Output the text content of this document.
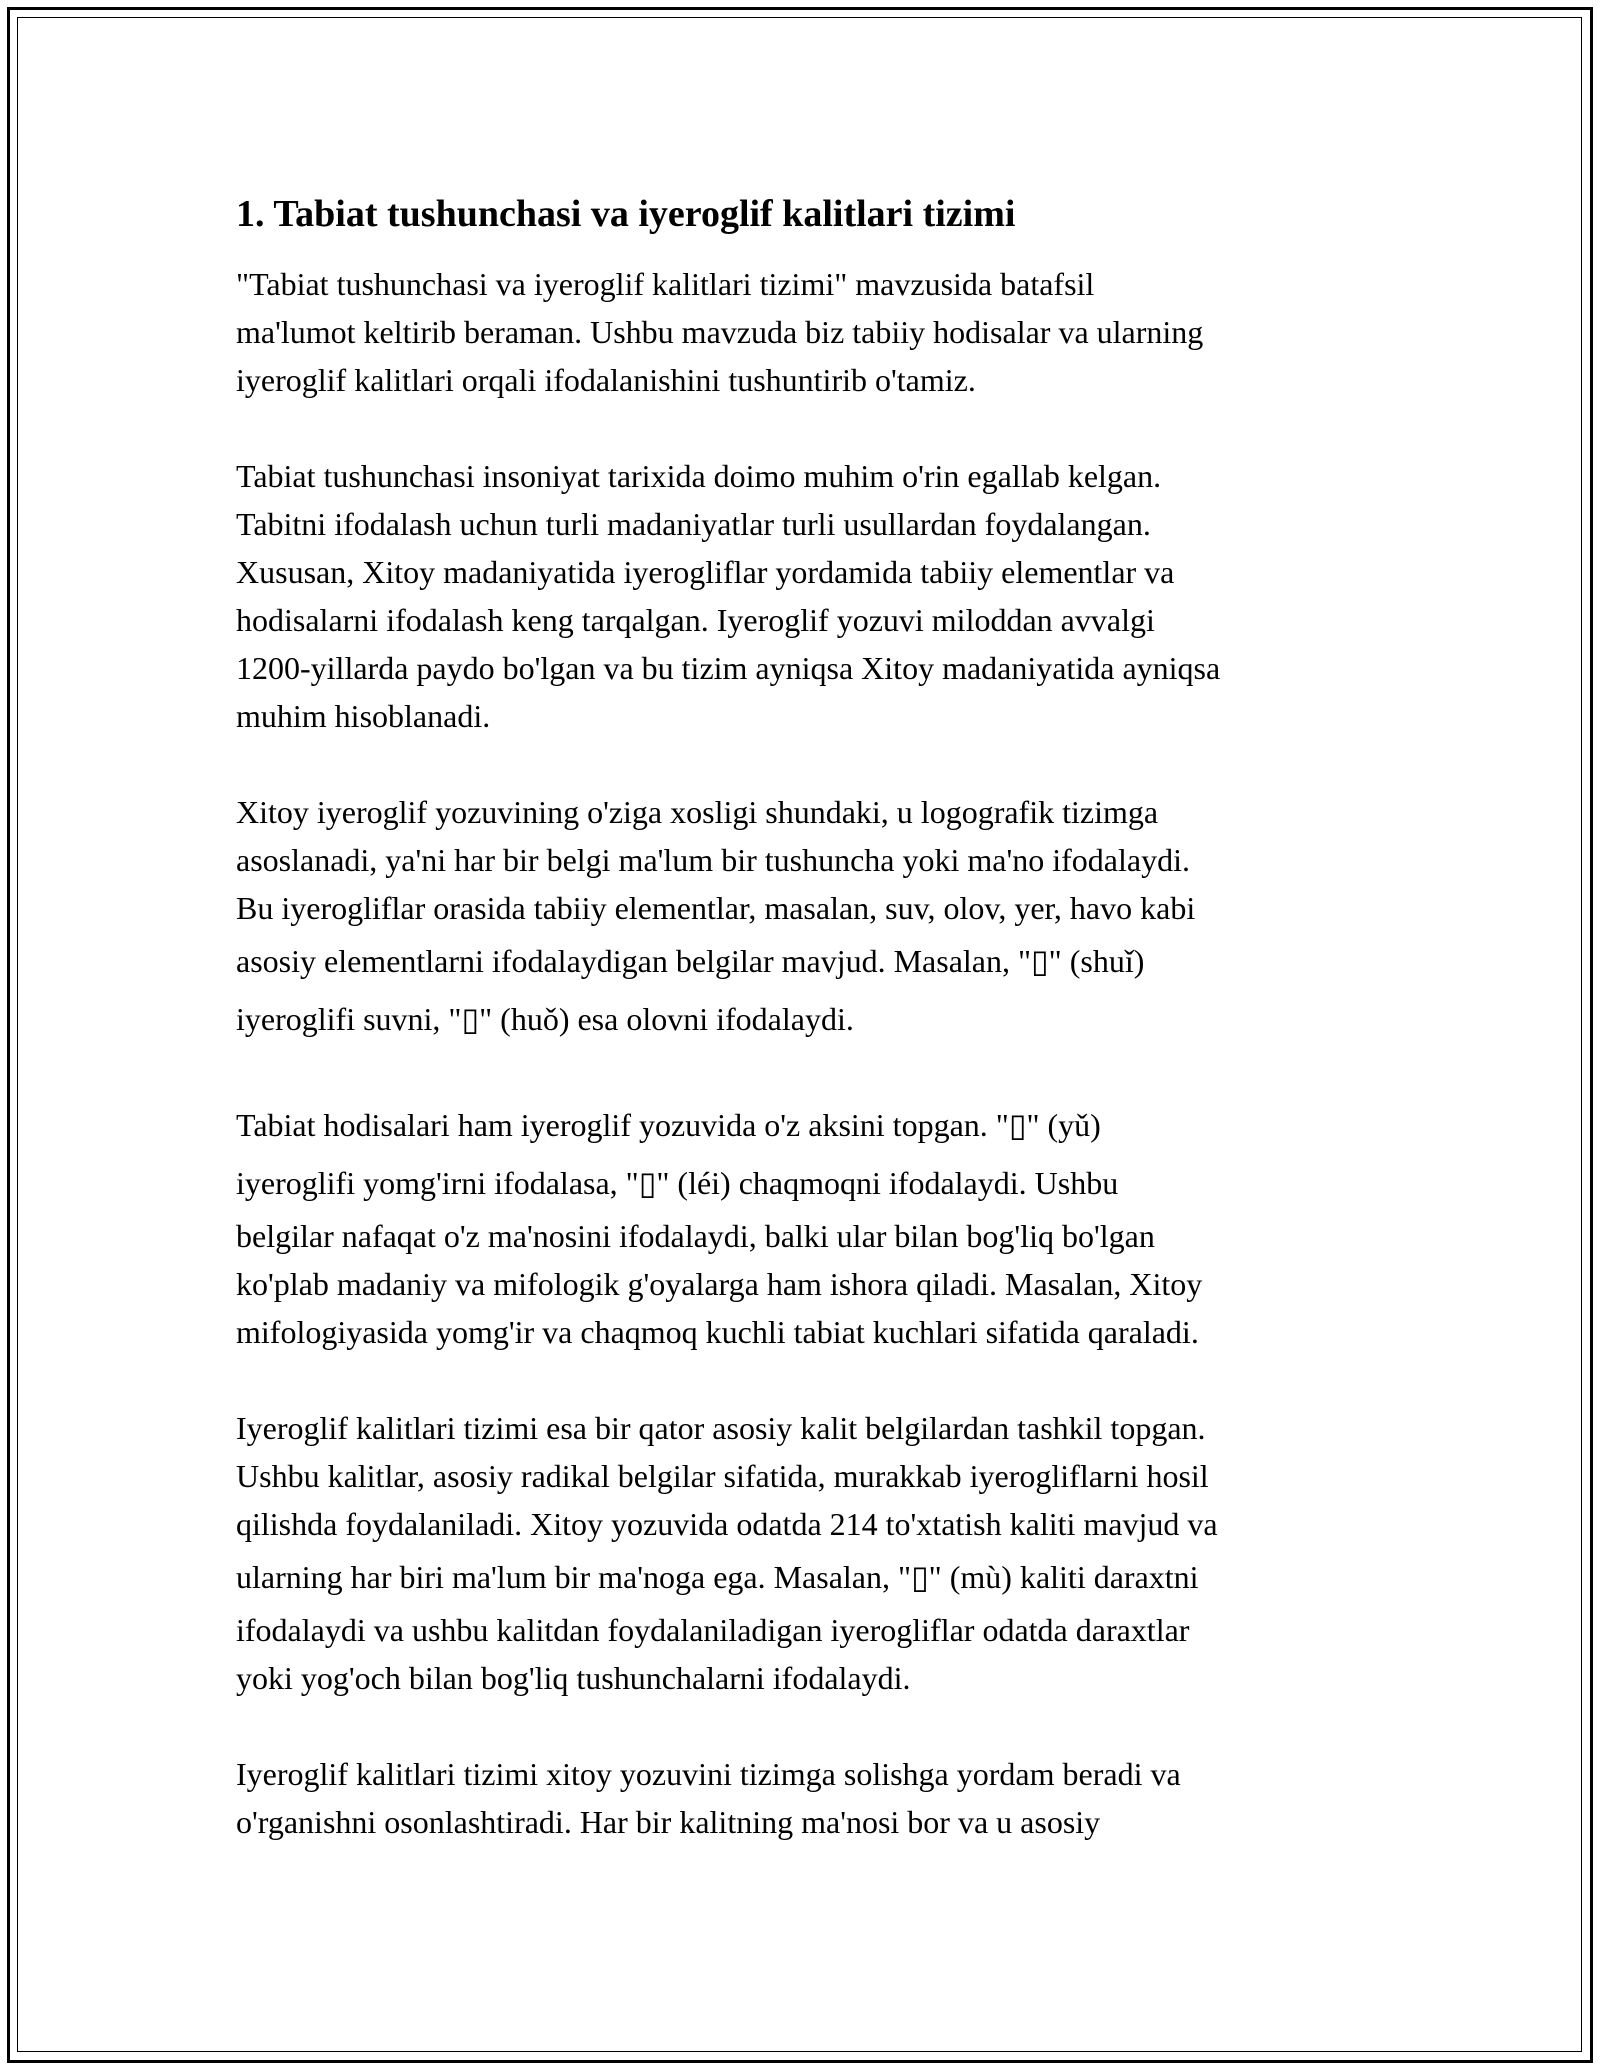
1. Tabiat tushunchasi va iyeroglif kalitlari tizimi
"Tabiat tushunchasi va iyeroglif kalitlari tizimi" mavzusida batafsil
ma'lumot keltirib beraman. Ushbu mavzuda biz tabiiy hodisalar va ularning
iyeroglif kalitlari orqali ifodalanishini tushuntirib o'tamiz.
Tabiat tushunchasi insoniyat tarixida doimo muhim o'rin egallab kelgan.
Tabitni ifodalash uchun turli madaniyatlar turli usullardan foydalangan.
Xususan, Xitoy madaniyatida iyerogliflar yordamida tabiiy elementlar va
hodisalarni ifodalash keng tarqalgan. Iyeroglif yozuvi miloddan avvalgi
1200-yillarda paydo bo'lgan va bu tizim ayniqsa Xitoy madaniyatida ayniqsa
muhim hisoblanadi.
Xitoy iyeroglif yozuvining o'ziga xosligi shundaki, u logografik tizimga
asoslanadi, ya'ni har bir belgi ma'lum bir tushuncha yoki ma'no ifodalaydi.
Bu iyerogliflar orasida tabiiy elementlar, masalan, suv, olov, yer, havo kabi
asosiy elementlarni ifodalaydigan belgilar mavjud. Masalan, "▯" (shuǐ)
iyeroglifi suvni, "▯" (huǒ) esa olovni ifodalaydi.
Tabiat hodisalari ham iyeroglif yozuvida o'z aksini topgan. "▯" (yǔ)
iyeroglifi yomg'irni ifodalasa, "▯" (léi) chaqmoqni ifodalaydi. Ushbu
belgilar nafaqat o'z ma'nosini ifodalaydi, balki ular bilan bog'liq bo'lgan
ko'plab madaniy va mifologik g'oyalarga ham ishora qiladi. Masalan, Xitoy
mifologiyasida yomg'ir va chaqmoq kuchli tabiat kuchlari sifatida qaraladi.
Iyeroglif kalitlari tizimi esa bir qator asosiy kalit belgilardan tashkil topgan.
Ushbu kalitlar, asosiy radikal belgilar sifatida, murakkab iyerogliflarni hosil
qilishda foydalaniladi. Xitoy yozuvida odatda 214 to'xtatish kaliti mavjud va
ularning har biri ma'lum bir ma'noga ega. Masalan, "▯" (mù) kaliti daraxtni
ifodalaydi va ushbu kalitdan foydalaniladigan iyerogliflar odatda daraxtlar
yoki yog'och bilan bog'liq tushunchalarni ifodalaydi.
Iyeroglif kalitlari tizimi xitoy yozuvini tizimga solishga yordam beradi va
o'rganishni osonlashtiradi. Har bir kalitning ma'nosi bor va u asosiy
